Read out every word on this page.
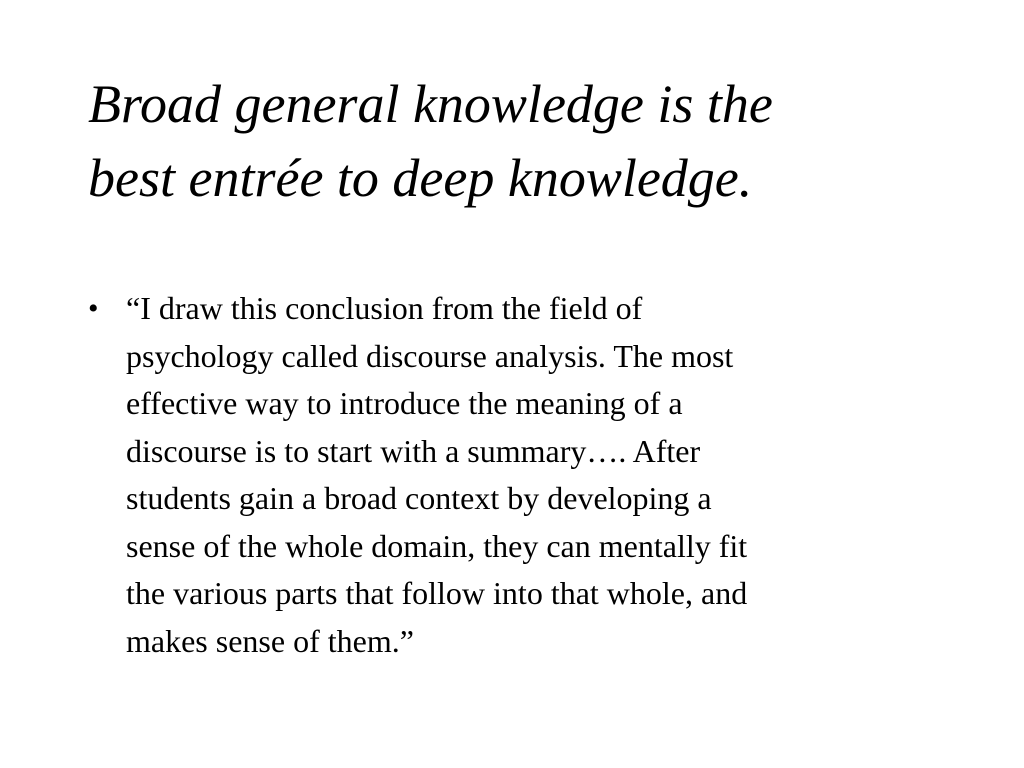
Broad general knowledge is the
best entrée to deep knowledge.
• “I draw this conclusion from the field of
psychology called discourse analysis. The most
effective way to introduce the meaning of a
discourse is to start with a summary…. After
students gain a broad context by developing a
sense of the whole domain, they can mentally fit
the various parts that follow into that whole, and
makes sense of them.”
